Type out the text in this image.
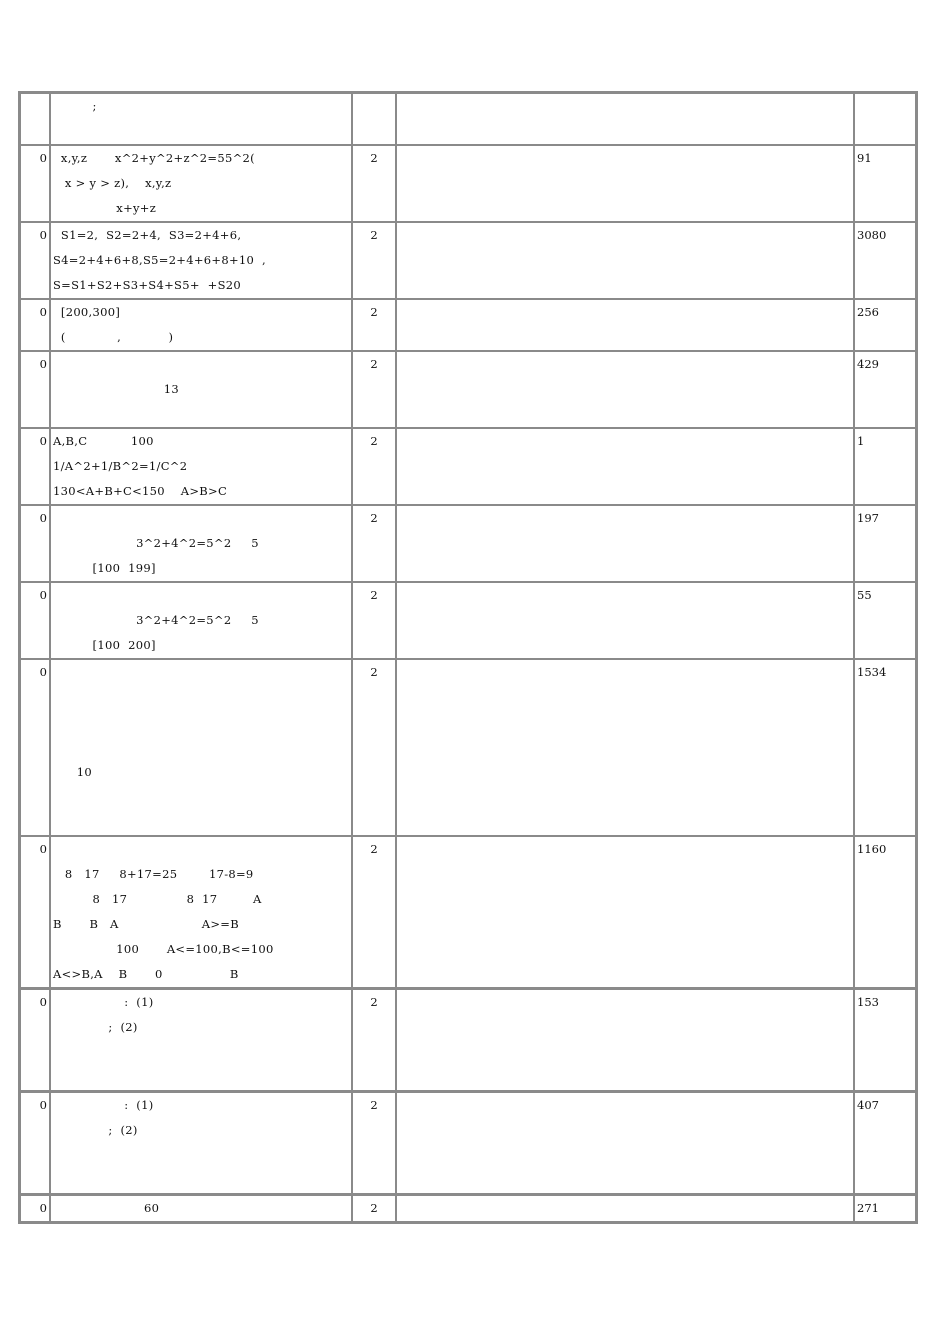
	;			

0	x,y,z       x^2+y^2+z^2=55^2(
x > y > z),    x,y,z
x+y+z	2		91
0	S1=2,  S2=2+4,  S3=2+4+6,
S4=2+4+6+8,S5=2+4+6+8+10  ,
S=S1+S2+S3+S4+S5+  +S20	2		3080
0	[200,300]
(             ,            )	2		256
0	13	2		429
0	A,B,C           100
1/A^2+1/B^2=1/C^2
130<A+B+C<150    A>B>C	2		1
0	3^2+4^2=5^2     5
[100  199]	2		197
0	3^2+4^2=5^2     5
[100  200]	2		55
0	10	2		1534
0	8   17     8+17=25        17-8=9
8   17               8  17         A
B       B   A                     A>=B
100       A<=100,B<=100
A<>B,A    B       0                 B	2		1160
0	:  (1)
;  (2)	2		153
0	:  (1)
;  (2)	2		407
0	60	2		271
